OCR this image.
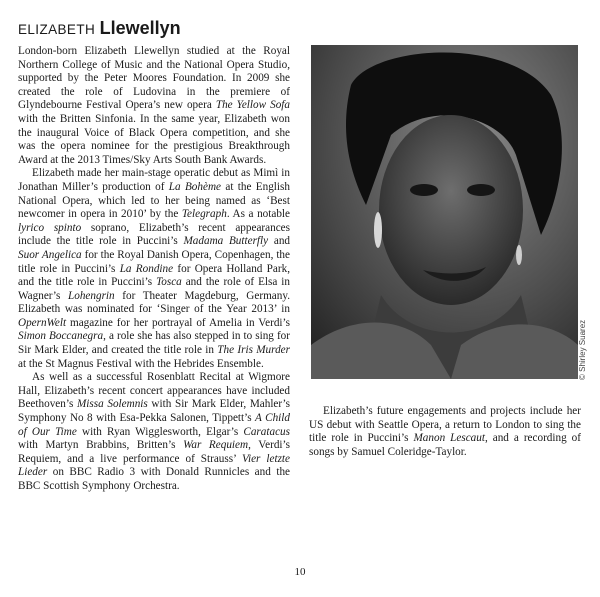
ELIZABETH Llewellyn

London-born Elizabeth Llewellyn studied at the Royal Northern College of Music and the National Opera Studio, supported by the Peter Moores Foundation. In 2009 she created the role of Ludovina in the premiere of Glyndebourne Festival Opera’s new opera The Yellow Sofa with the Britten Sinfonia. In the same year, Elizabeth won the inaugural Voice of Black Opera competition, and she was the opera nominee for the prestigious Breakthrough Award at the 2013 Times/Sky Arts South Bank Awards.

Elizabeth made her main-stage operatic debut as Mimì in Jonathan Miller’s production of La Bohème at the English National Opera, which led to her being named as ‘Best newcomer in opera in 2010’ by the Telegraph. As a notable lyrico spinto soprano, Elizabeth’s recent appearances include the title role in Puccini’s Madama Butterfly and Suor Angelica for the Royal Danish Opera, Copenhagen, the title role in Puccini’s La Rondine for Opera Holland Park, and the title role in Puccini’s Tosca and the role of Elsa in Wagner’s Lohengrin for Theater Magdeburg, Germany. Elizabeth was nominated for ‘Singer of the Year 2013’ in OpernWelt magazine for her portrayal of Amelia in Verdi’s Simon Boccanegra, a role she has also stepped in to sing for Sir Mark Elder, and created the title role in The Iris Murder at the St Magnus Festival with the Hebrides Ensemble.

As well as a successful Rosenblatt Recital at Wigmore Hall, Elizabeth’s recent concert appearances have included Beethoven’s Missa Solemnis with Sir Mark Elder, Mahler’s Symphony No 8 with Esa-Pekka Salonen, Tippett’s A Child of Our Time with Ryan Wigglesworth, Elgar’s Caratacus with Martyn Brabbins, Britten’s War Requiem, Verdi’s Requiem, and a live performance of Strauss’ Vier letzte Lieder on BBC Radio 3 with Donald Runnicles and the BBC Scottish Symphony Orchestra.

© Shirley Suarez

Elizabeth’s future engagements and projects include her US debut with Seattle Opera, a return to London to sing the title role in Puccini’s Manon Lescaut, and a recording of songs by Samuel Coleridge-Taylor.

10
